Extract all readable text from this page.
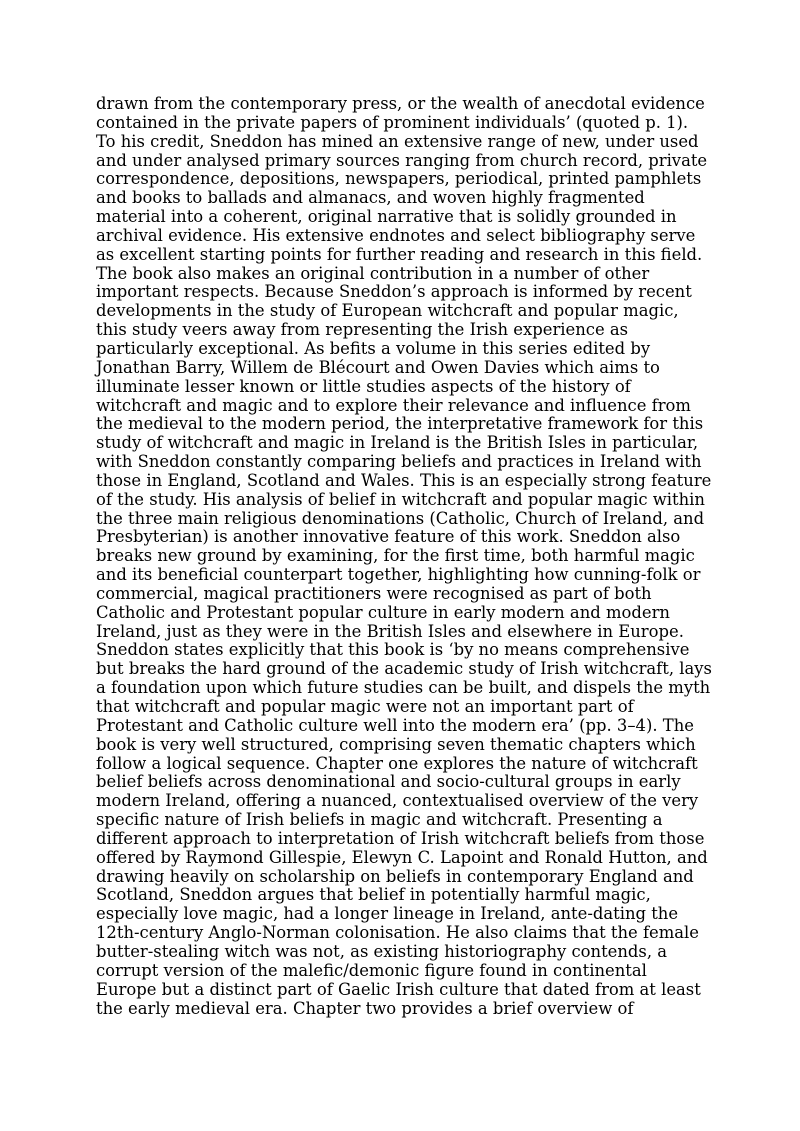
drawn from the contemporary press, or the wealth of anecdotal evidence
contained in the private papers of prominent individuals’ (quoted p. 1).
To his credit, Sneddon has mined an extensive range of new, under used
and under analysed primary sources ranging from church record, private
correspondence, depositions, newspapers, periodical, printed pamphlets
and books to ballads and almanacs, and woven highly fragmented
material into a coherent, original narrative that is solidly grounded in
archival evidence. His extensive endnotes and select bibliography serve
as excellent starting points for further reading and research in this field.
The book also makes an original contribution in a number of other
important respects. Because Sneddon’s approach is informed by recent
developments in the study of European witchcraft and popular magic,
this study veers away from representing the Irish experience as
particularly exceptional. As befits a volume in this series edited by
Jonathan Barry, Willem de Blécourt and Owen Davies which aims to
illuminate lesser known or little studies aspects of the history of
witchcraft and magic and to explore their relevance and influence from
the medieval to the modern period, the interpretative framework for this
study of witchcraft and magic in Ireland is the British Isles in particular,
with Sneddon constantly comparing beliefs and practices in Ireland with
those in England, Scotland and Wales. This is an especially strong feature
of the study. His analysis of belief in witchcraft and popular magic within
the three main religious denominations (Catholic, Church of Ireland, and
Presbyterian) is another innovative feature of this work. Sneddon also
breaks new ground by examining, for the first time, both harmful magic
and its beneficial counterpart together, highlighting how cunning-folk or
commercial, magical practitioners were recognised as part of both
Catholic and Protestant popular culture in early modern and modern
Ireland, just as they were in the British Isles and elsewhere in Europe.
Sneddon states explicitly that this book is ‘by no means comprehensive
but breaks the hard ground of the academic study of Irish witchcraft, lays
a foundation upon which future studies can be built, and dispels the myth
that witchcraft and popular magic were not an important part of
Protestant and Catholic culture well into the modern era’ (pp. 3–4). The
book is very well structured, comprising seven thematic chapters which
follow a logical sequence. Chapter one explores the nature of witchcraft
belief beliefs across denominational and socio-cultural groups in early
modern Ireland, offering a nuanced, contextualised overview of the very
specific nature of Irish beliefs in magic and witchcraft. Presenting a
different approach to interpretation of Irish witchcraft beliefs from those
offered by Raymond Gillespie, Elewyn C. Lapoint and Ronald Hutton, and
drawing heavily on scholarship on beliefs in contemporary England and
Scotland, Sneddon argues that belief in potentially harmful magic,
especially love magic, had a longer lineage in Ireland, ante-dating the
12th-century Anglo-Norman colonisation. He also claims that the female
butter-stealing witch was not, as existing historiography contends, a
corrupt version of the malefic/demonic figure found in continental
Europe but a distinct part of Gaelic Irish culture that dated from at least
the early medieval era. Chapter two provides a brief overview of
